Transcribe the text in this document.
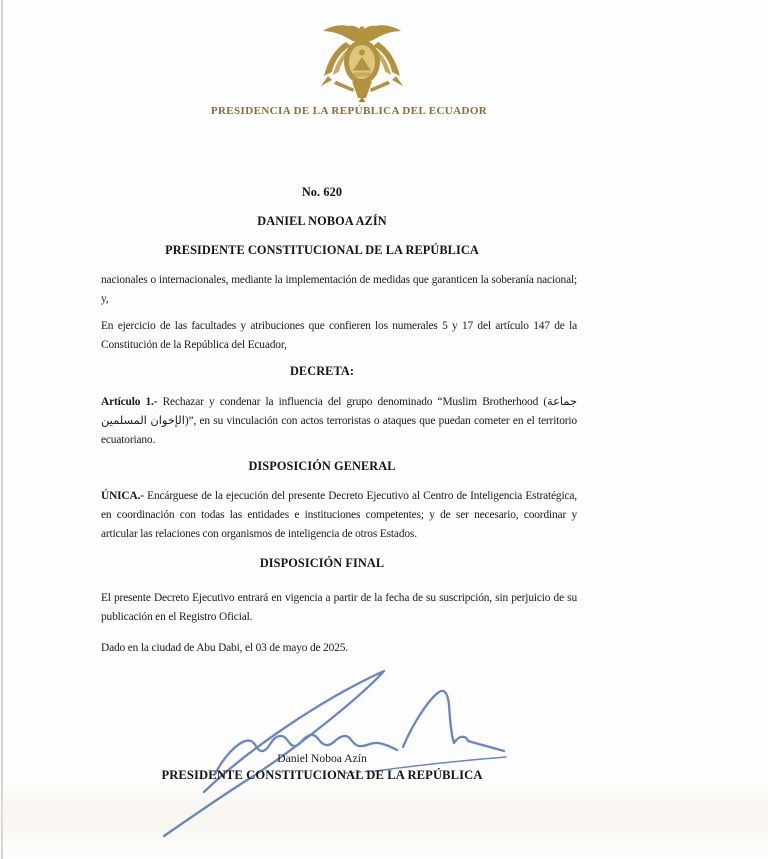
PRESIDENCIA DE LA REPÚBLICA DEL ECUADOR
No. 620
DANIEL NOBOA AZÍN
PRESIDENTE CONSTITUCIONAL DE LA REPÚBLICA
nacionales o internacionales, mediante la implementación de medidas que garanticen la soberanía nacional; y,
En ejercicio de las facultades y atribuciones que confieren los numerales 5 y 17 del artículo 147 de la Constitución de la República del Ecuador,
DECRETA:
Artículo 1.- Rechazar y condenar la influencia del grupo denominado “Muslim Brotherhood (جماعة الإخوان المسلمين)”, en su vinculación con actos terroristas o ataques que puedan cometer en el territorio ecuatoriano.
DISPOSICIÓN GENERAL
ÚNICA.- Encárguese de la ejecución del presente Decreto Ejecutivo al Centro de Inteligencia Estratégica, en coordinación con todas las entidades e instituciones competentes; y de ser necesario, coordinar y articular las relaciones con organismos de inteligencia de otros Estados.
DISPOSICIÓN FINAL
El presente Decreto Ejecutivo entrará en vigencia a partir de la fecha de su suscripción, sin perjuicio de su publicación en el Registro Oficial.
Dado en la ciudad de Abu Dabi, el 03 de mayo de 2025.
Daniel Noboa Azín
PRESIDENTE CONSTITUCIONAL DE LA REPÚBLICA
